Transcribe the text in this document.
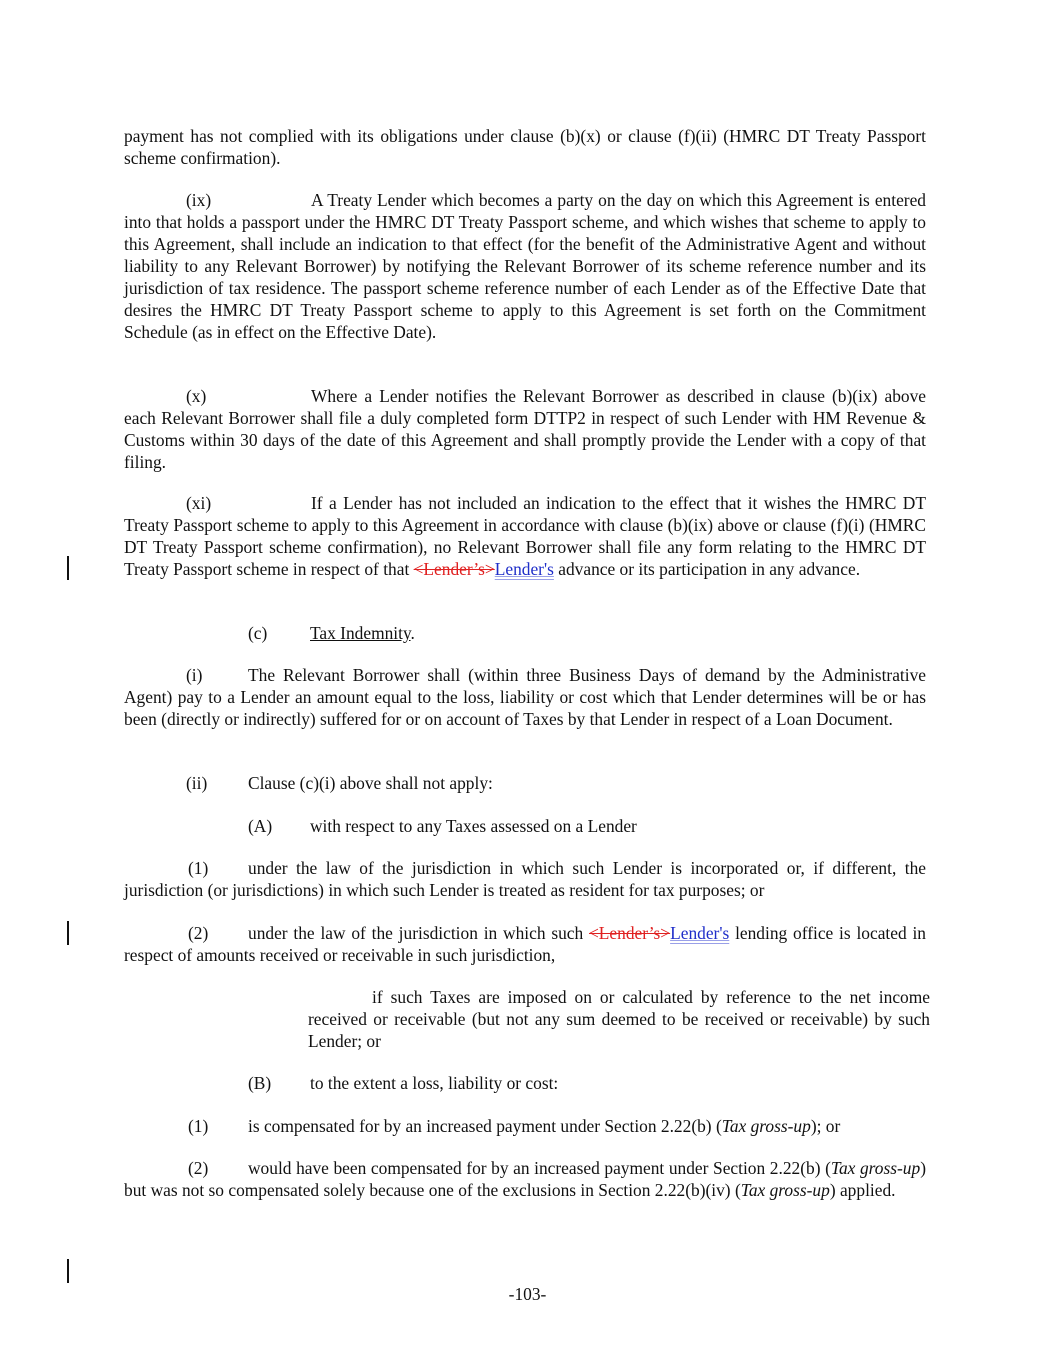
payment has not complied with its obligations under clause (b)(x) or clause (f)(ii) (HMRC DT Treaty Passport scheme confirmation).

(ix)	A Treaty Lender which becomes a party on the day on which this Agreement is entered into that holds a passport under the HMRC DT Treaty Passport scheme, and which wishes that scheme to apply to this Agreement, shall include an indication to that effect (for the benefit of the Administrative Agent and without liability to any Relevant Borrower) by notifying the Relevant Borrower of its scheme reference number and its jurisdiction of tax residence. The passport scheme reference number of each Lender as of the Effective Date that desires the HMRC DT Treaty Passport scheme to apply to this Agreement is set forth on the Commitment Schedule (as in effect on the Effective Date).

(x)	Where a Lender notifies the Relevant Borrower as described in clause (b)(ix) above each Relevant Borrower shall file a duly completed form DTTP2 in respect of such Lender with HM Revenue & Customs within 30 days of the date of this Agreement and shall promptly provide the Lender with a copy of that filing.

(xi)	If a Lender has not included an indication to the effect that it wishes the HMRC DT Treaty Passport scheme to apply to this Agreement in accordance with clause (b)(ix) above or clause (f)(i) (HMRC DT Treaty Passport scheme confirmation), no Relevant Borrower shall file any form relating to the HMRC DT Treaty Passport scheme in respect of that <Lender’s>Lender's advance or its participation in any advance.

(c) Tax Indemnity.

(i)	The Relevant Borrower shall (within three Business Days of demand by the Administrative Agent) pay to a Lender an amount equal to the loss, liability or cost which that Lender determines will be or has been (directly or indirectly) suffered for or on account of Taxes by that Lender in respect of a Loan Document.

(ii) Clause (c)(i) above shall not apply:

(A) with respect to any Taxes assessed on a Lender

(1) under the law of the jurisdiction in which such Lender is incorporated or, if different, the jurisdiction (or jurisdictions) in which such Lender is treated as resident for tax purposes; or

(2) under the law of the jurisdiction in which such <Lender’s>Lender's lending office is located in respect of amounts received or receivable in such jurisdiction,

if such Taxes are imposed on or calculated by reference to the net income received or receivable (but not any sum deemed to be received or receivable) by such Lender; or

(B) to the extent a loss, liability or cost:

(1) is compensated for by an increased payment under Section 2.22(b) (Tax gross-up); or

(2) would have been compensated for by an increased payment under Section 2.22(b) (Tax gross-up) but was not so compensated solely because one of the exclusions in Section 2.22(b)(iv) (Tax gross-up) applied.

-103-
